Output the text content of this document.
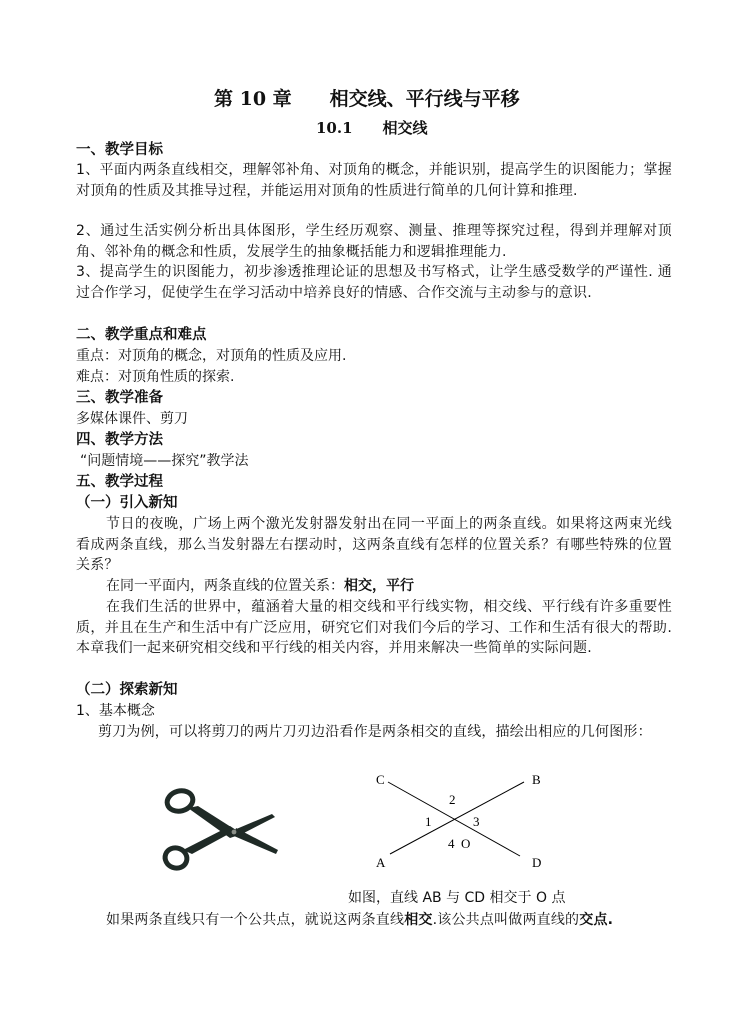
第 10 章 相交线、平行线与平移
10.1 相交线
一、教学目标
1、平面内两条直线相交，理解邻补角、对顶角的概念，并能识别，提高学生的识图能力；掌握对顶角的性质及其推导过程，并能运用对顶角的性质进行简单的几何计算和推理.
2、通过生活实例分析出具体图形，学生经历观察、测量、推理等探究过程，得到并理解对顶角、邻补角的概念和性质，发展学生的抽象概括能力和逻辑推理能力.
3、提高学生的识图能力，初步渗透推理论证的思想及书写格式，让学生感受数学的严谨性. 通过合作学习，促使学生在学习活动中培养良好的情感、合作交流与主动参与的意识.
二、教学重点和难点
重点：对顶角的概念，对顶角的性质及应用.
难点：对顶角性质的探索.
三、教学准备
多媒体课件、剪刀
四、教学方法
“问题情境——探究”教学法
五、教学过程
（一）引入新知
节日的夜晚，广场上两个激光发射器发射出在同一平面上的两条直线。如果将这两束光线看成两条直线，那么当发射器左右摆动时，这两条直线有怎样的位置关系？有哪些特殊的位置关系？
在同一平面内，两条直线的位置关系：相交，平行
在我们生活的世界中，蕴涵着大量的相交线和平行线实物，相交线、平行线有许多重要性质，并且在生产和生活中有广泛应用，研究它们对我们今后的学习、工作和生活有很大的帮助. 本章我们一起来研究相交线和平行线的相关内容，并用来解决一些简单的实际问题.
（二）探索新知
1、基本概念
剪刀为例，可以将剪刀的两片刀刃边沿看作是两条相交的直线，描绘出相应的几何图形：
C	B
A	D
2
1	3
4 O
如图，直线 AB 与 CD 相交于 O 点
如果两条直线只有一个公共点，就说这两条直线相交.该公共点叫做两直线的交点.
